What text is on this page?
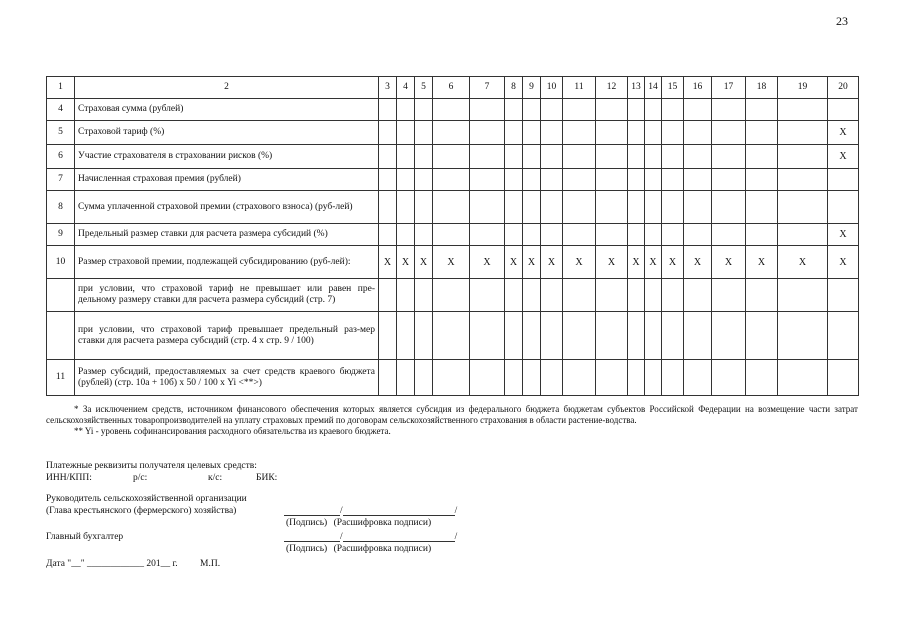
23
1	2	3	4	5	6	7	8	9	10	11	12	13	14	15	16	17	18	19	20
4	Страховая сумма (рублей)																		
5	Страховой тариф (%)																		X
6	Участие страхователя в страховании рисков (%)																		X
7	Начисленная страховая премия (рублей)																		
8	Сумма уплаченной страховой премии (страхового взноса) (руб-лей)																		
9	Предельный размер ставки для расчета размера субсидий (%)																		X
10	Размер страховой премии, подлежащей субсидированию (руб-лей):	X	X	X	X	X	X	X	X	X	X	X	X	X	X	X	X	X	X
	при условии, что страховой тариф не превышает или равен пре-дельному размеру ставки для расчета размера субсидий (стр. 7)																		
	при условии, что страховой тариф превышает предельный раз-мер ставки для расчета размера субсидий (стр. 4 х стр. 9 / 100)																		
11	Размер субсидий, предоставляемых за счет средств краевого бюджета (рублей) (стр. 10а + 10б) х 50 / 100 х Yi <**>)																		

* За исключением средств, источником финансового обеспечения которых является субсидия из федерального бюджета бюджетам субъектов Российской Федерации на возмещение части затрат сельскохозяйственных товаропроизводителей на уплату страховых премий по договорам сельскохозяйственного страхования в области растение-водства.

** Yi - уровень софинансирования расходного обязательства из краевого бюджета.

Платежные реквизиты получателя целевых средств:
ИНН/КПП:	р/с:	к/с:	БИК:
Руководитель сельскохозяйственной организации
(Глава крестьянского (фермерского) хозяйства)	/	/
(Подпись) (Расшифровка подписи)
Главный бухгалтер	/	/
(Подпись) (Расшифровка подписи)
Дата "__" ____________ 201__ г. М.П.
